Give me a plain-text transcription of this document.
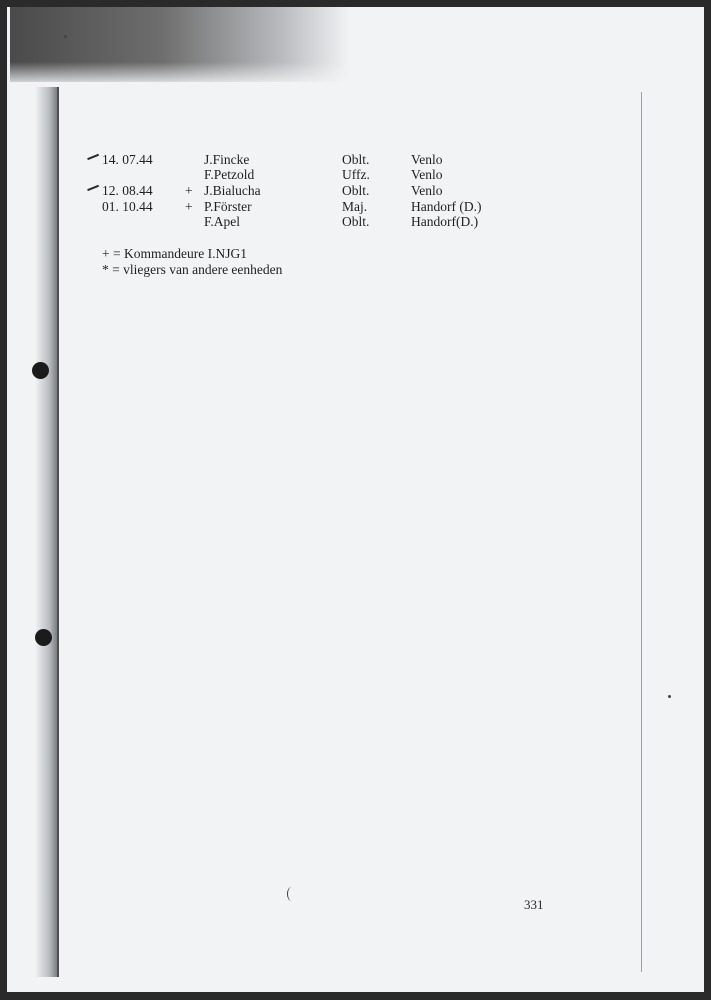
14. 07.44	J.Fincke	Oblt.	Venlo
F.Petzold	Uffz.	Venlo
12. 08.44 + J.Bialucha	Oblt.	Venlo
01. 10.44 + P.Förster	Maj.	Handorf (D.)
F.Apel	Oblt.	Handorf(D.)
+ = Kommandeure I.NJG1
* = vliegers van andere eenheden
331
